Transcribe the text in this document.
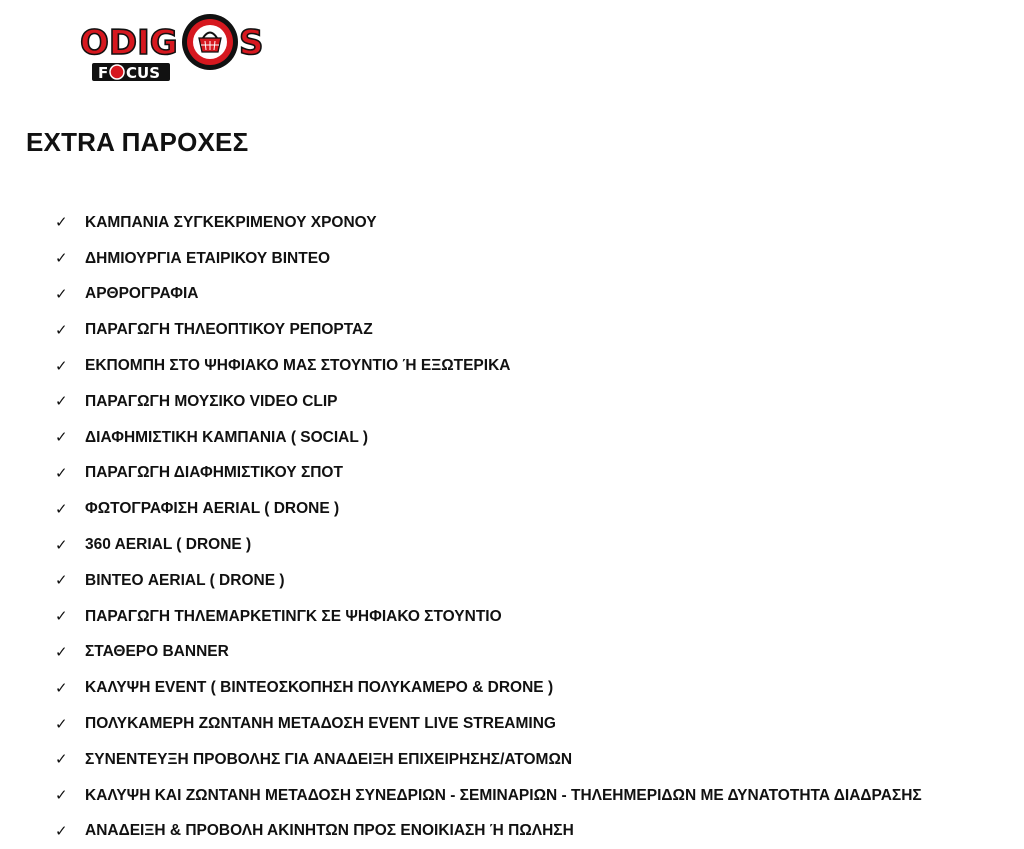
ODIG S
F CUS
EXTRA ΠΑΡΟΧΕΣ
✓	ΚΑΜΠΑΝΙΑ ΣΥΓΚΕΚΡΙΜΕΝΟΥ ΧΡΟΝΟΥ
✓	ΔΗΜΙΟΥΡΓΙΑ ΕΤΑΙΡΙΚΟΥ ΒΙΝΤΕΟ
✓	ΑΡΘΡΟΓΡΑΦΙΑ
✓	ΠΑΡΑΓΩΓΗ ΤΗΛΕΟΠΤΙΚΟΥ ΡΕΠΟΡΤΑΖ
✓	ΕΚΠΟΜΠΗ ΣΤΟ ΨΗΦΙΑΚΟ ΜΑΣ ΣΤΟΥΝΤΙΟ Ή ΕΞΩΤΕΡΙΚΑ
✓	ΠΑΡΑΓΩΓΗ ΜΟΥΣΙΚΟ VIDEO CLIP
✓	ΔΙΑΦΗΜΙΣΤΙΚΗ ΚΑΜΠΑΝΙΑ ( SOCIAL )
✓	ΠΑΡΑΓΩΓΗ ΔΙΑΦΗΜΙΣΤΙΚΟΥ ΣΠΟΤ
✓	ΦΩΤΟΓΡΑΦΙΣΗ AERIAL ( DRONE )
✓	360 AERIAL ( DRONE )
✓	ΒΙΝΤΕΟ AERIAL ( DRONE )
✓	ΠΑΡΑΓΩΓΗ ΤΗΛΕΜΑΡΚΕΤΙΝΓΚ ΣΕ ΨΗΦΙΑΚΟ ΣΤΟΥΝΤΙΟ
✓	ΣΤΑΘΕΡΟ BANNER
✓	ΚΑΛΥΨΗ EVENT ( ΒΙΝΤΕΟΣΚΟΠΗΣΗ ΠΟΛΥΚΑΜΕΡΟ & DRONE )
✓	ΠΟΛΥΚΑΜΕΡΗ ΖΩΝΤΑΝΗ ΜΕΤΑΔΟΣΗ EVENT LIVE STREAMING
✓	ΣΥΝΕΝΤΕΥΞΗ ΠΡΟΒΟΛΗΣ ΓΙΑ ΑΝΑΔΕΙΞΗ ΕΠΙΧΕΙΡΗΣΗΣ/ΑΤΟΜΩΝ
✓	ΚΑΛΥΨΗ ΚΑΙ ΖΩΝΤΑΝΗ ΜΕΤΑΔΟΣΗ ΣΥΝΕΔΡΙΩΝ - ΣΕΜΙΝΑΡΙΩΝ - ΤΗΛΕΗΜΕΡΙΔΩΝ ΜΕ ΔΥΝΑΤΟΤΗΤΑ ΔΙΑΔΡΑΣΗΣ
✓	ΑΝΑΔΕΙΞΗ & ΠΡΟΒΟΛΗ ΑΚΙΝΗΤΩΝ ΠΡΟΣ ΕΝΟΙΚΙΑΣΗ Ή ΠΩΛΗΣΗ
